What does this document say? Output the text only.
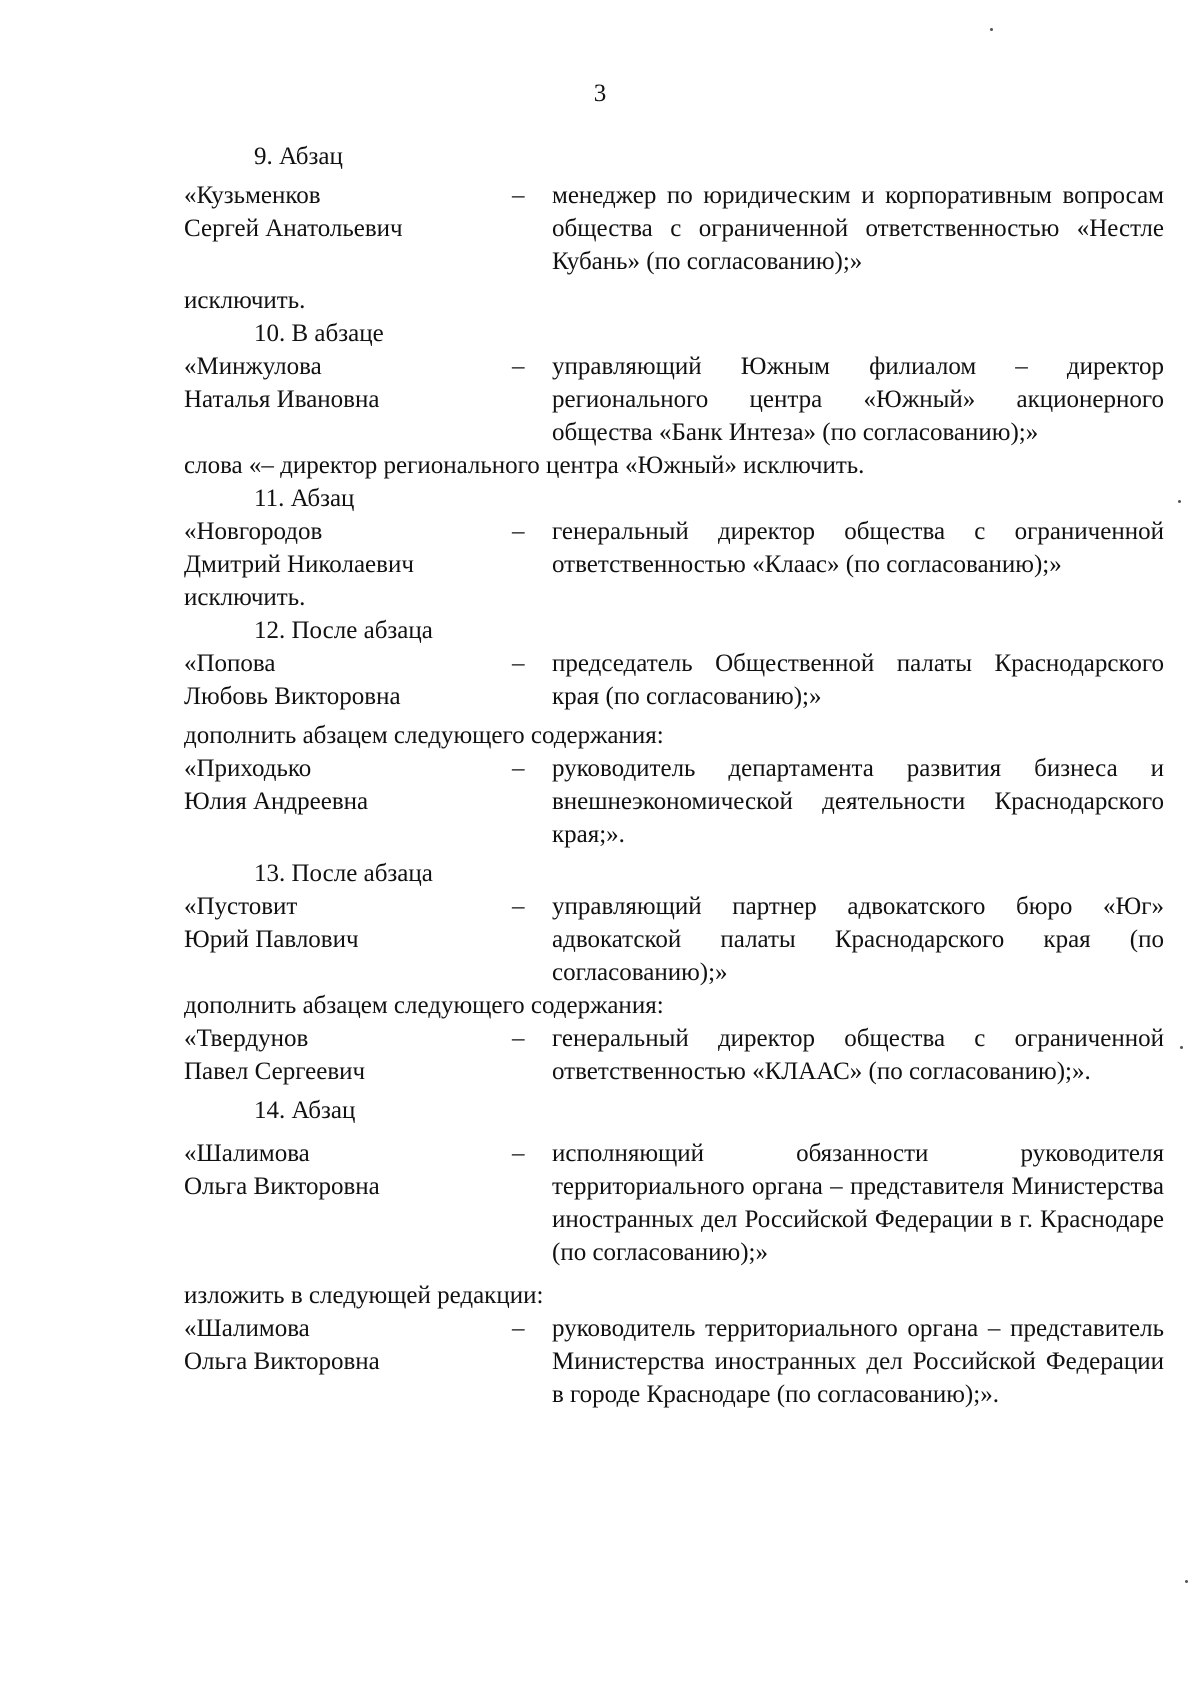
3
9. Абзац
«Кузьменков
Сергей Анатольевич
–	менеджер по юридическим и корпоративным вопросам общества с ограниченной ответственностью «Нестле Кубань» (по согласованию);»
исключить.
10. В абзаце
«Минжулова
Наталья Ивановна
–	управляющий Южным филиалом – директор регионального центра «Южный» акционерного общества «Банк Интеза» (по согласованию);»
слова «– директор регионального центра «Южный» исключить.
11. Абзац
«Новгородов
Дмитрий Николаевич
–	генеральный директор общества с ограниченной ответственностью «Клаас» (по согласованию);»
исключить.
12. После абзаца
«Попова
Любовь Викторовна
–	председатель Общественной палаты Краснодарского края (по согласованию);»
дополнить абзацем следующего содержания:
«Приходько
Юлия Андреевна
–	руководитель департамента развития бизнеса и внешнеэкономической деятельности Краснодарского края;».
13. После абзаца
«Пустовит
Юрий Павлович
–	управляющий партнер адвокатского бюро «Юг» адвокатской палаты Краснодарского края (по согласованию);»
дополнить абзацем следующего содержания:
«Твердунов
Павел Сергеевич
–	генеральный директор общества с ограниченной ответственностью «КЛААС» (по согласованию);».
14. Абзац
«Шалимова
Ольга Викторовна
–	исполняющий обязанности руководителя территориального органа – представителя Министерства иностранных дел Российской Федерации в г. Краснодаре (по согласованию);»
изложить в следующей редакции:
«Шалимова
Ольга Викторовна
–	руководитель территориального органа – представитель Министерства иностранных дел Российской Федерации в городе Краснодаре (по согласованию);».
